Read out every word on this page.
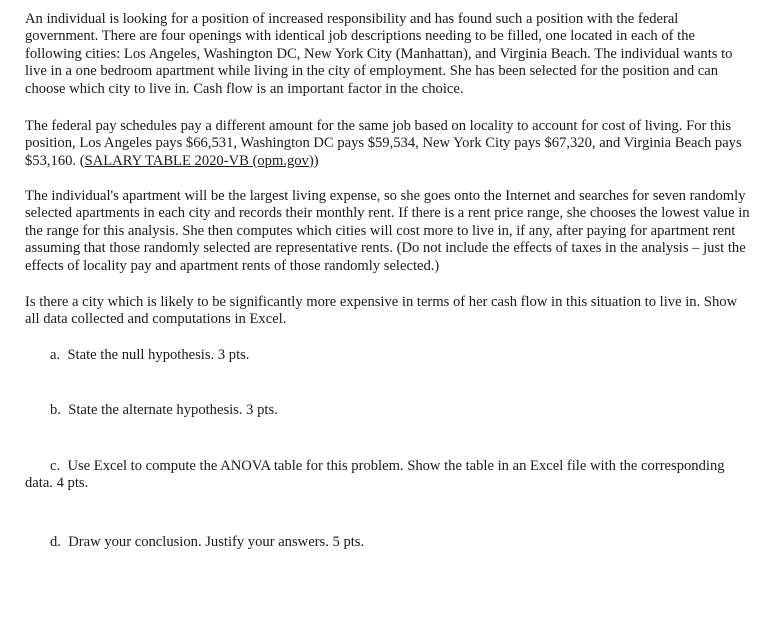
An individual is looking for a position of increased responsibility and has found such a position with the federal government. There are four openings with identical job descriptions needing to be filled, one located in each of the following cities: Los Angeles, Washington DC, New York City (Manhattan), and Virginia Beach. The individual wants to live in a one bedroom apartment while living in the city of employment. She has been selected for the position and can choose which city to live in. Cash flow is an important factor in the choice.

The federal pay schedules pay a different amount for the same job based on locality to account for cost of living. For this position, Los Angeles pays $66,531, Washington DC pays $59,534, New York City pays $67,320, and Virginia Beach pays $53,160. (SALARY TABLE 2020-VB (opm.gov))

The individual's apartment will be the largest living expense, so she goes onto the Internet and searches for seven randomly selected apartments in each city and records their monthly rent. If there is a rent price range, she chooses the lowest value in the range for this analysis. She then computes which cities will cost more to live in, if any, after paying for apartment rent assuming that those randomly selected are representative rents. (Do not include the effects of taxes in the analysis – just the effects of locality pay and apartment rents of those randomly selected.)

Is there a city which is likely to be significantly more expensive in terms of her cash flow in this situation to live in. Show all data collected and computations in Excel.

a. State the null hypothesis. 3 pts.

b. State the alternate hypothesis. 3 pts.

c. Use Excel to compute the ANOVA table for this problem. Show the table in an Excel file with the corresponding data. 4 pts.

d. Draw your conclusion. Justify your answers. 5 pts.
